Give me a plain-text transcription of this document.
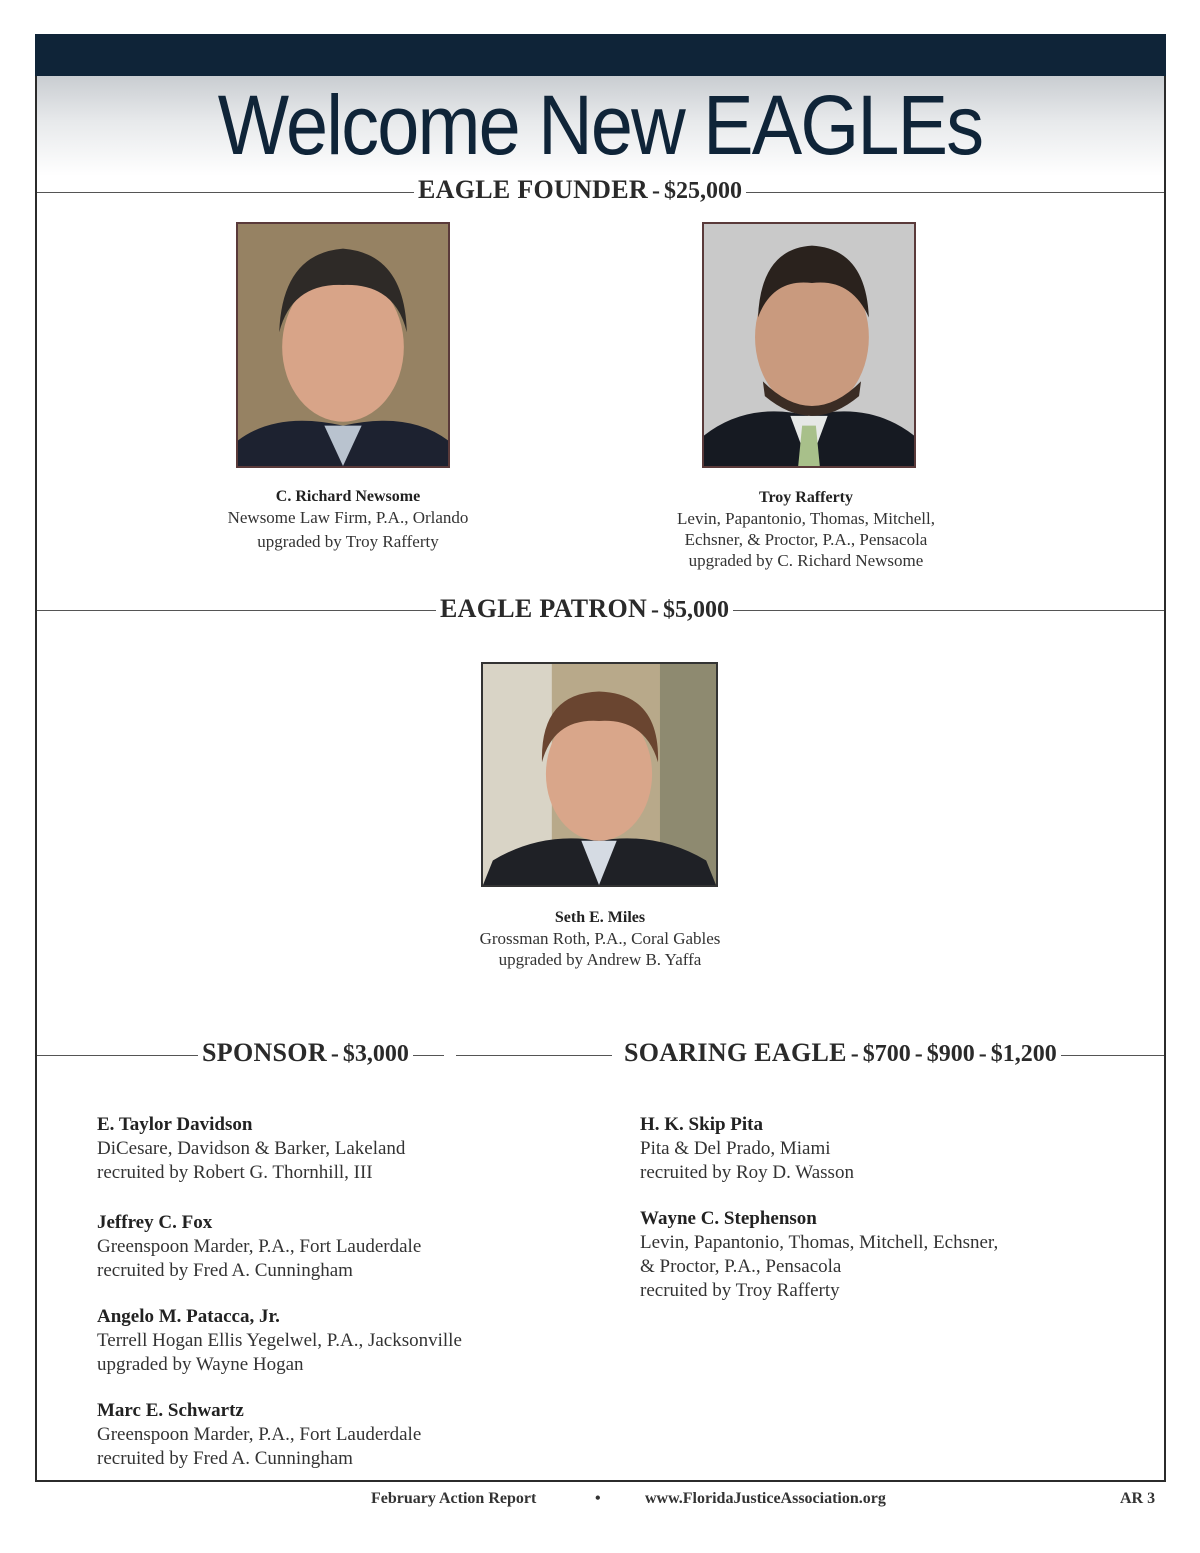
Welcome New EAGLEs
EAGLE FOUNDER - $25,000
C. Richard Newsome
Newsome Law Firm, P.A., Orlando
upgraded by Troy Rafferty
Troy Rafferty
Levin, Papantonio, Thomas, Mitchell,
Echsner, & Proctor, P.A., Pensacola
upgraded by C. Richard Newsome
EAGLE PATRON - $5,000
Seth E. Miles
Grossman Roth, P.A., Coral Gables
upgraded by Andrew B. Yaffa
SPONSOR - $3,000	SOARING EAGLE - $700 - $900 - $1,200
E. Taylor Davidson
DiCesare, Davidson & Barker, Lakeland
recruited by Robert G. Thornhill, III
Jeffrey C. Fox
Greenspoon Marder, P.A., Fort Lauderdale
recruited by Fred A. Cunningham
Angelo M. Patacca, Jr.
Terrell Hogan Ellis Yegelwel, P.A., Jacksonville
upgraded by Wayne Hogan
Marc E. Schwartz
Greenspoon Marder, P.A., Fort Lauderdale
recruited by Fred A. Cunningham
H. K. Skip Pita
Pita & Del Prado, Miami
recruited by Roy D. Wasson
Wayne C. Stephenson
Levin, Papantonio, Thomas, Mitchell, Echsner,
& Proctor, P.A., Pensacola
recruited by Troy Rafferty
February Action Report	•	www.FloridaJusticeAssociation.org	AR 3
